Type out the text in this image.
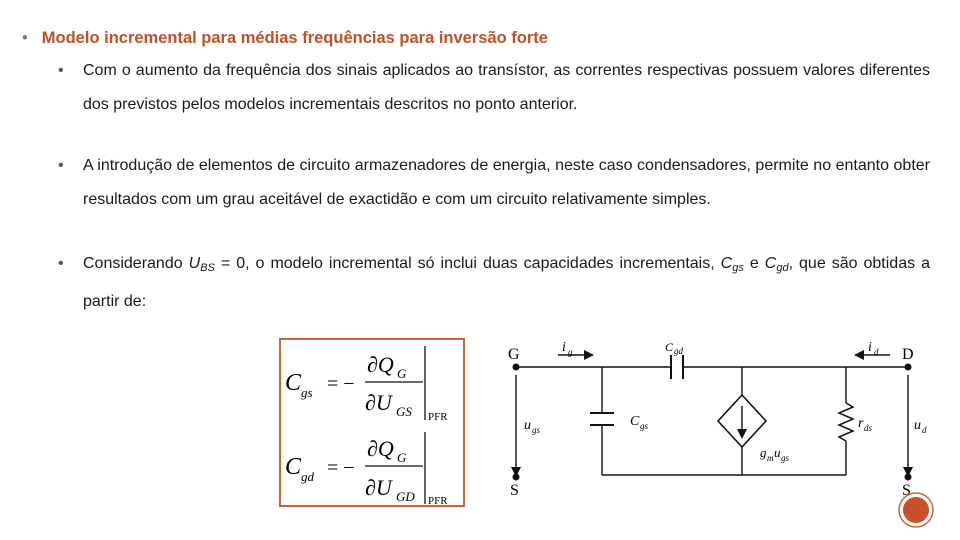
• Modelo incremental para médias frequências para inversão forte
• Com o aumento da frequência dos sinais aplicados ao transístor, as correntes respectivas possuem valores diferentes dos previstos pelos modelos incrementais descritos no ponto anterior.
• A introdução de elementos de circuito armazenadores de energia, neste caso condensadores, permite no entanto obter resultados com um grau aceitável de exactidão e com um circuito relativamente simples.
• Considerando $U_{BS} = 0$, o modelo incremental só inclui duas capacidades incrementais, $C_{gs}$ e $C_{gd}$, que são obtidas a partir de:
C gs = −
∂Q G
∂U GS PFR
C gd = −
∂Q G
∂U GD PFR
G	D
S	S
i g	i d
C gd
C gs
u gs	u d
r ds
g m u gs
